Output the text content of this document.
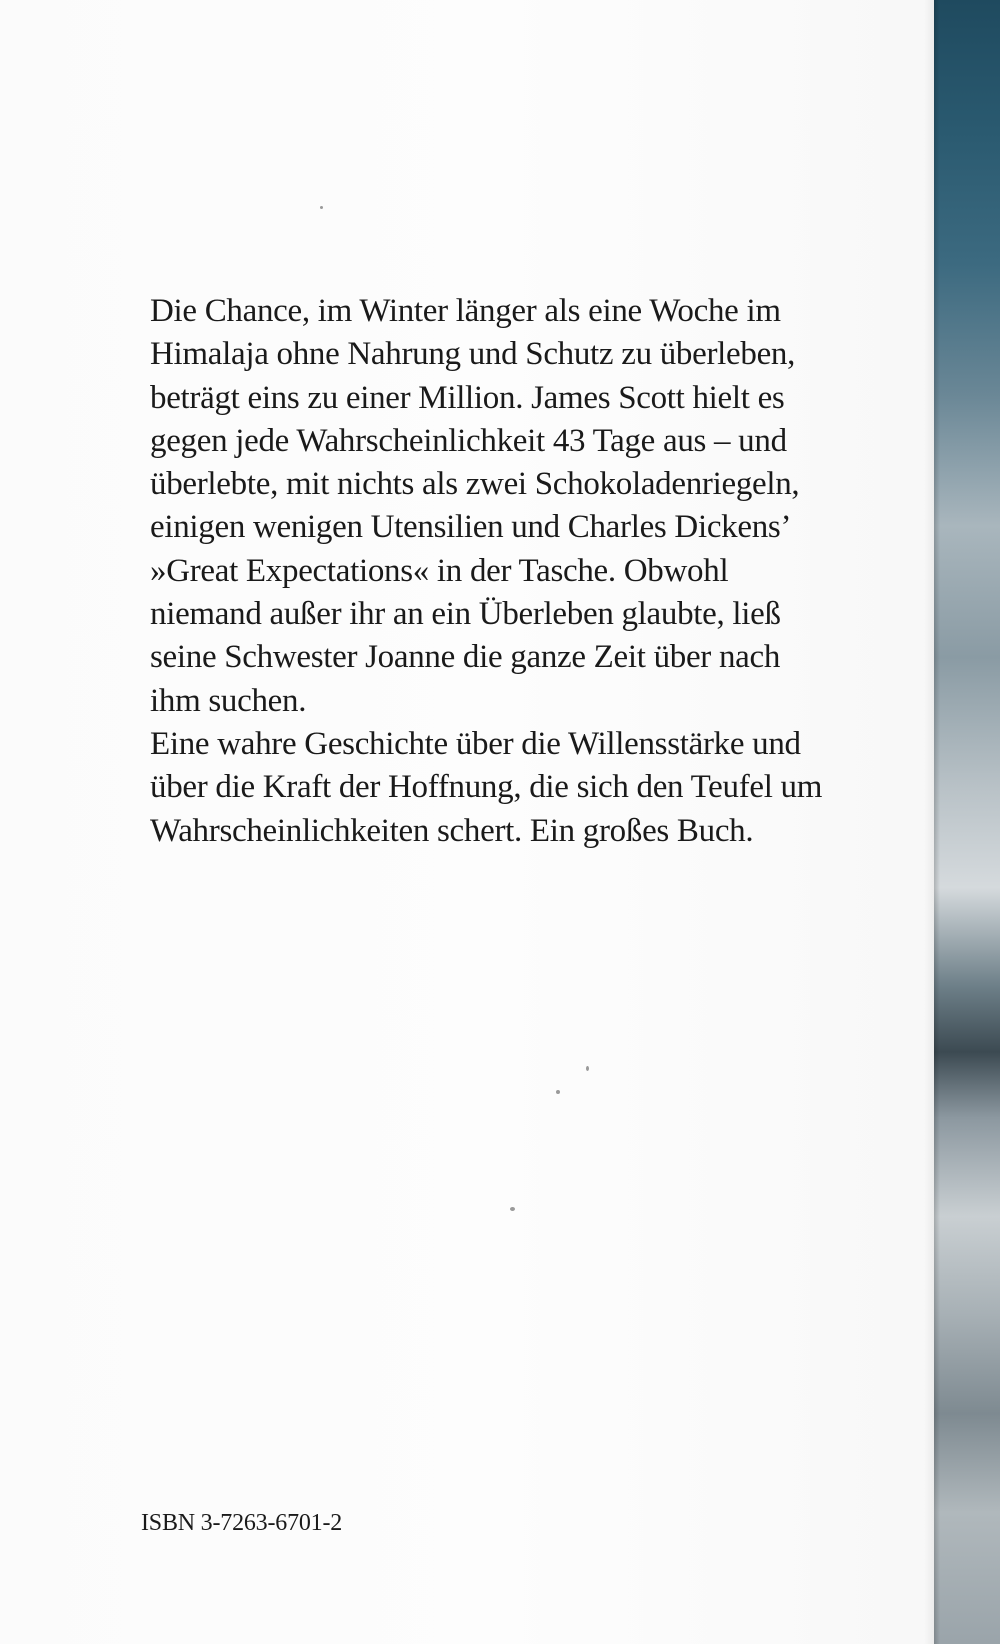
Die Chance, im Winter länger als eine Woche im Himalaja ohne Nahrung und Schutz zu überleben, beträgt eins zu einer Million. James Scott hielt es gegen jede Wahrscheinlichkeit 43 Tage aus – und überlebte, mit nichts als zwei Schokoladenriegeln, einigen wenigen Utensilien und Charles Dickens’ »Great Expectations« in der Tasche. Obwohl niemand außer ihr an ein Überleben glaubte, ließ seine Schwester Joanne die ganze Zeit über nach ihm suchen.

Eine wahre Geschichte über die Willensstärke und über die Kraft der Hoffnung, die sich den Teufel um Wahrscheinlichkeiten schert. Ein großes Buch.

ISBN 3-7263-6701-2
